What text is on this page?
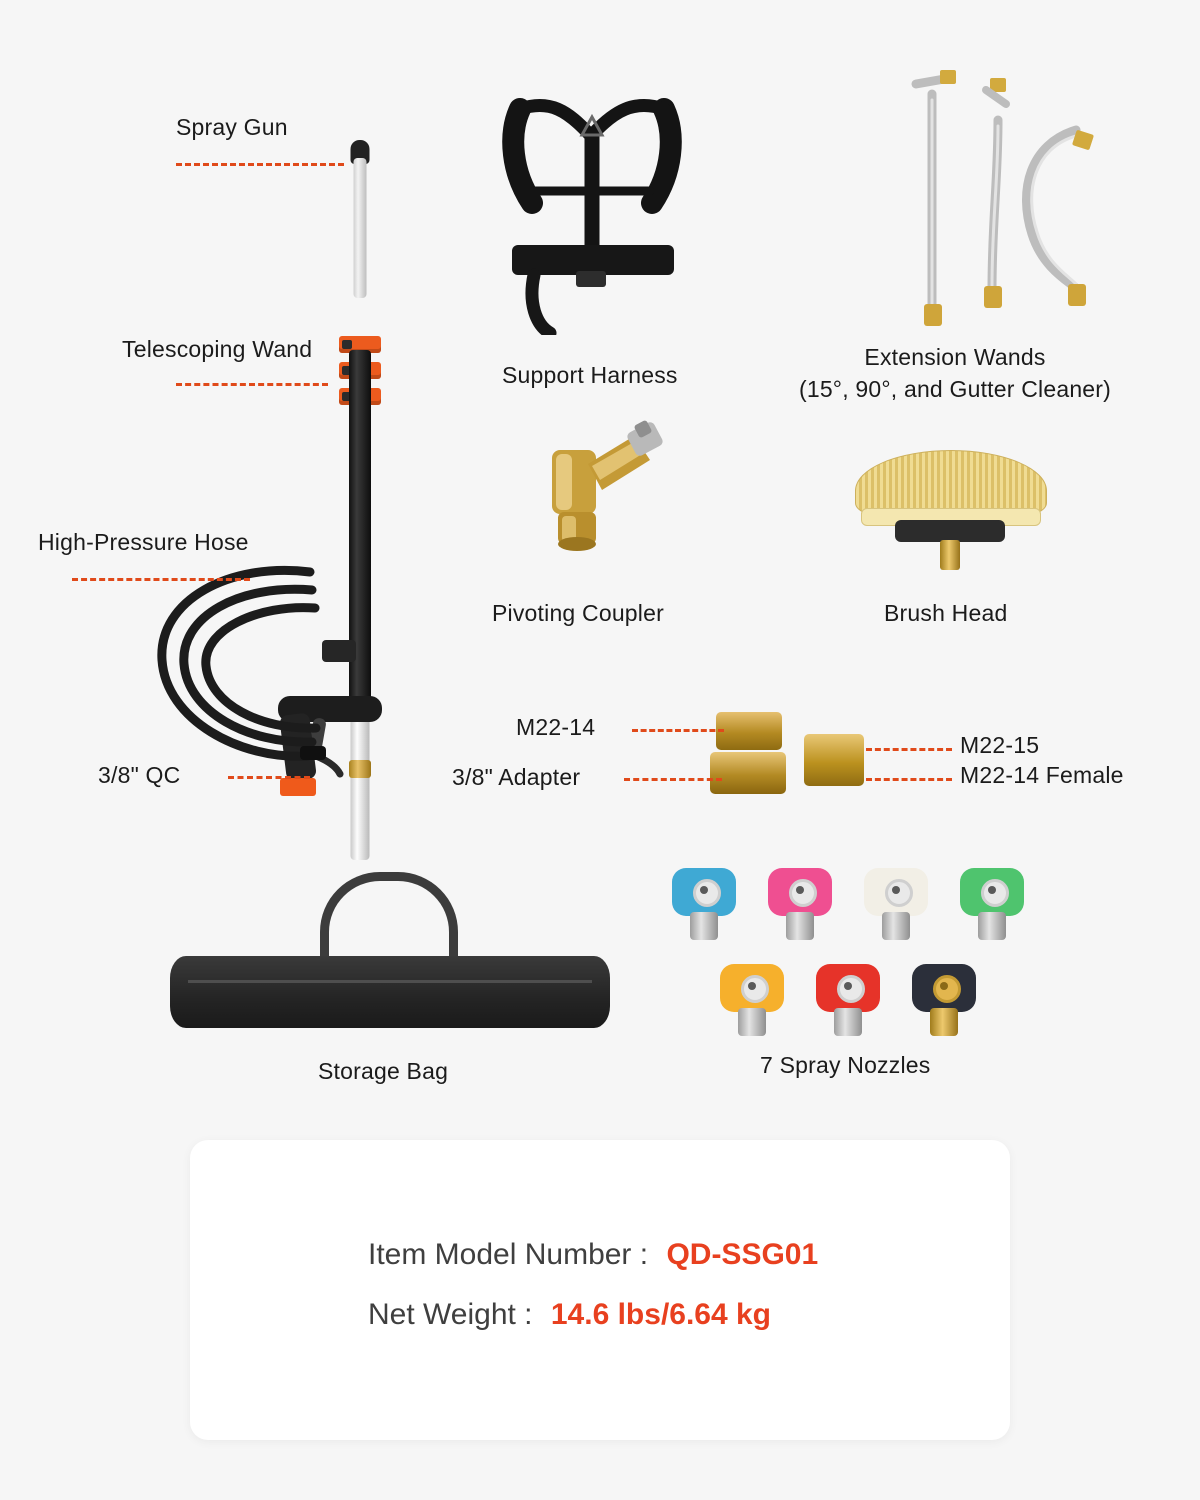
Spray Gun
Telescoping Wand
High-Pressure Hose
3/8" QC
Support Harness
Extension Wands
(15°, 90°, and Gutter Cleaner)
Pivoting Coupler	Brush Head
M22-14
3/8" Adapter
M22-15
M22-14 Female
Storage Bag	7 Spray Nozzles
Item Model Number : QD-SSG01
Net Weight : 14.6 lbs/6.64 kg
